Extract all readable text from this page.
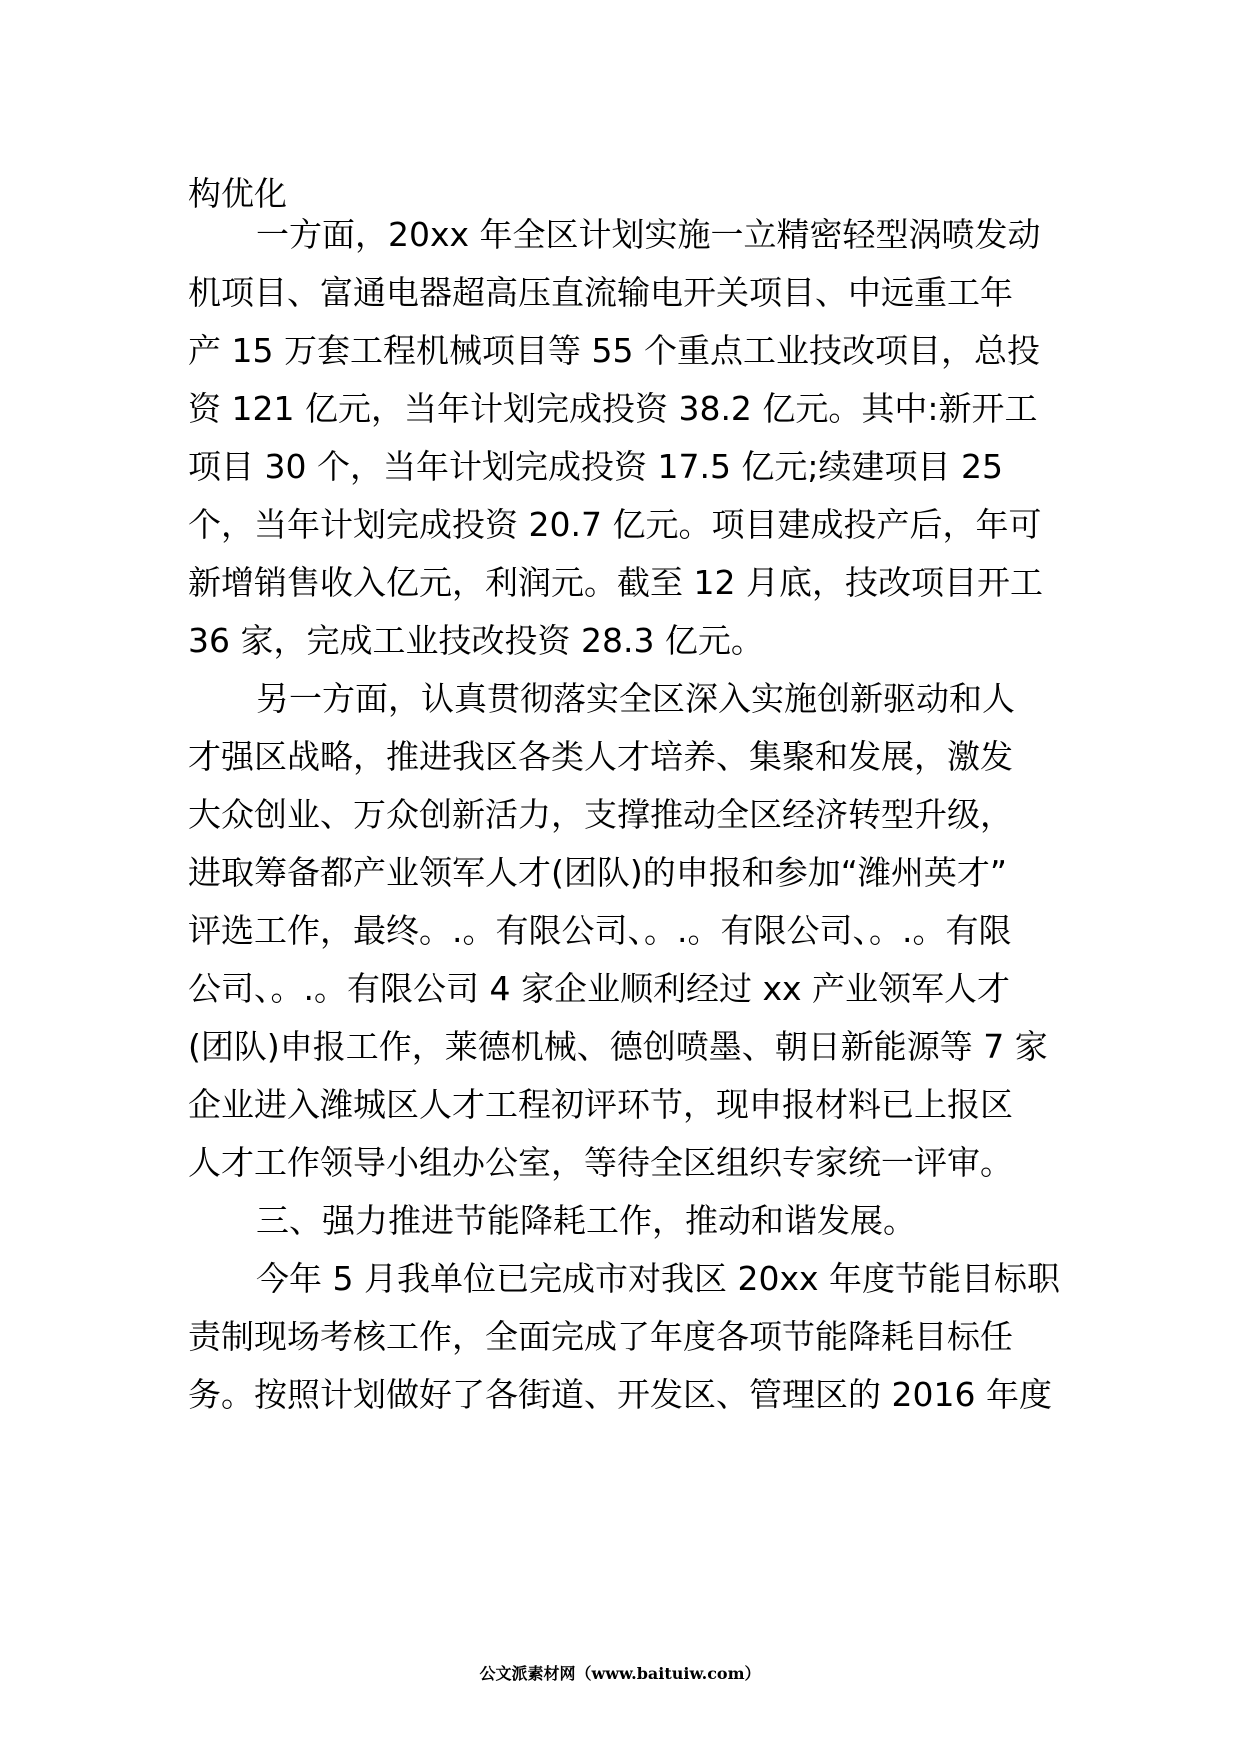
构优化
一方面，20xx 年全区计划实施一立精密轻型涡喷发动
机项目、富通电器超高压直流输电开关项目、中远重工年
产 15 万套工程机械项目等 55 个重点工业技改项目，总投
资 121 亿元，当年计划完成投资 38.2 亿元。其中:新开工
项目 30 个，当年计划完成投资 17.5 亿元;续建项目 25
个，当年计划完成投资 20.7 亿元。项目建成投产后，年可
新增销售收入亿元，利润元。截至 12 月底，技改项目开工
36 家，完成工业技改投资 28.3 亿元。
另一方面，认真贯彻落实全区深入实施创新驱动和人
才强区战略，推进我区各类人才培养、集聚和发展，激发
大众创业、万众创新活力，支撑推动全区经济转型升级，
进取筹备都产业领军人才(团队)的申报和参加“潍州英才”
评选工作，最终。.。有限公司、。.。有限公司、。.。有限
公司、。.。有限公司 4 家企业顺利经过 xx 产业领军人才
(团队)申报工作，莱德机械、德创喷墨、朝日新能源等 7 家
企业进入潍城区人才工程初评环节，现申报材料已上报区
人才工作领导小组办公室，等待全区组织专家统一评审。
三、强力推进节能降耗工作，推动和谐发展。
今年 5 月我单位已完成市对我区 20xx 年度节能目标职
责制现场考核工作，全面完成了年度各项节能降耗目标任
务。按照计划做好了各街道、开发区、管理区的 2016 年度
公文派素材网（www.baituiw.com）
